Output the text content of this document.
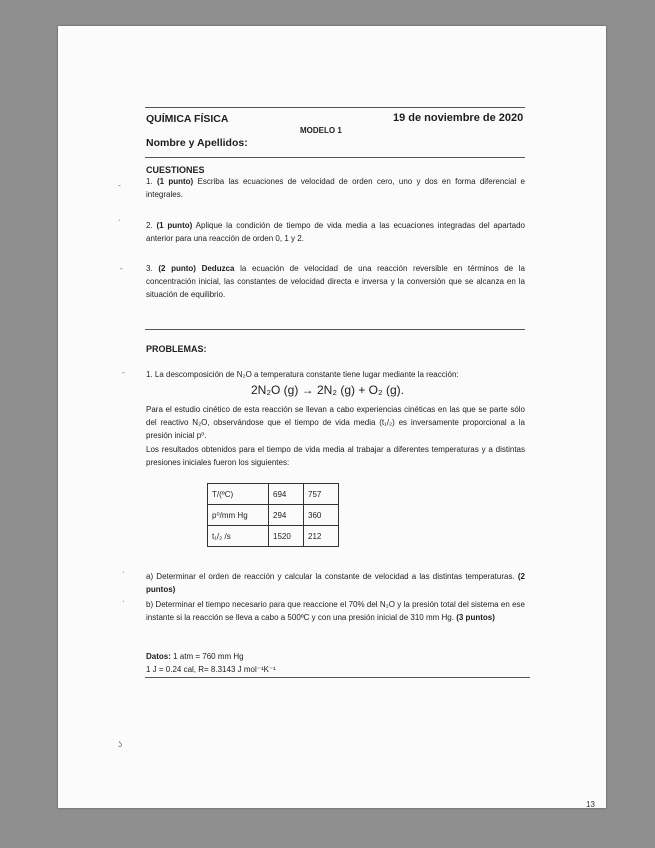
QUÍMICA FÍSICA	19 de noviembre de 2020
MODELO 1
Nombre y Apellidos:
CUESTIONES
1. (1 punto) Escriba las ecuaciones de velocidad de orden cero, uno y dos en forma diferencial e integrales.
2. (1 punto) Aplique la condición de tiempo de vida media a las ecuaciones integradas del apartado anterior para una reacción de orden 0, 1 y 2.
3. (2 punto) Deduzca la ecuación de velocidad de una reacción reversible en términos de la concentración inicial, las constantes de velocidad directa e inversa y la conversión que se alcanza en la situación de equilibrio.
PROBLEMAS:
1. La descomposición de N₂O a temperatura constante tiene lugar mediante la reacción:
2N₂O (g) → 2N₂ (g) + O₂ (g).
Para el estudio cinético de esta reacción se llevan a cabo experiencias cinéticas en las que se parte sólo del reactivo N₂O, observándose que el tiempo de vida media (t₁/₂) es inversamente proporcional a la presión inicial p⁰.
Los resultados obtenidos para el tiempo de vida media al trabajar a diferentes temperaturas y a distintas presiones iniciales fueron los siguientes:
T/(ºC)	694	757
p⁰/mm Hg	294	360
t₁/₂ /s	1520	212
a) Determinar el orden de reacción y calcular la constante de velocidad a las distintas temperaturas. (2 puntos)
b) Determinar el tiempo necesario para que reaccione el 70% del N₂O y la presión total del sistema en ese instante si la reacción se lleva a cabo a 500ºC y con una presión inicial de 310 mm Hg. (3 puntos)
Datos: 1 atm = 760 mm Hg
1 J = 0.24 cal, R= 8.3143 J mol⁻¹K⁻¹
˗
ˋ
˗
˗
ˋ
ˋ
ʖ
13
